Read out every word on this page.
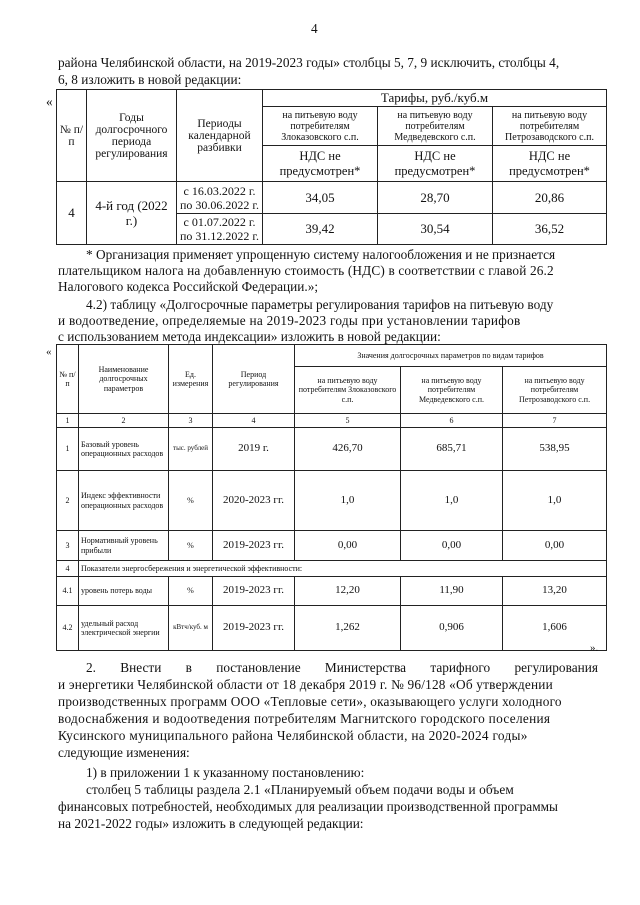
4
района Челябинской области, на 2019-2023 годы» столбцы 5, 7, 9 исключить, столбцы 4,
6, 8 изложить в новой редакции:
«
№ п/п	Годы долгосрочного периода регулирования	Периоды календарной разбивки	Тарифы, руб./куб.м		
			на питьевую воду потребителям Злоказовского с.п.	на питьевую воду потребителям Медведевского с.п.	на питьевую воду потребителям Петрозаводского с.п.
			НДС не предусмотрен*	НДС не предусмотрен*	НДС не предусмотрен*
4	4-й год (2022 г.)	с 16.03.2022 г. по 30.06.2022 г.	34,05	28,70	20,86
		с 01.07.2022 г. по 31.12.2022 г.	39,42	30,54	36,52
* Организация применяет упрощенную систему налогообложения и не признается
плательщиком налога на добавленную стоимость (НДС) в соответствии с главой 26.2
Налогового кодекса Российской Федерации.»;
4.2) таблицу «Долгосрочные параметры регулирования тарифов на питьевую воду
и водоотведение, определяемые на 2019-2023 годы при установлении тарифов
с использованием метода индексации» изложить в новой редакции:
«
№ п/п	Наименование долгосрочных параметров	Ед. измерения	Период регулирования	Значения долгосрочных параметров по видам тарифов		
				на питьевую воду потребителям Злоказовского с.п.	на питьевую воду потребителям Медведевского с.п.	на питьевую воду потребителям Петрозаводского с.п.
1	2	3	4	5	6	7
1	Базовый уровень операционных расходов	тыс. рублей	2019 г.	426,70	685,71	538,95
2	Индекс эффективности операционных расходов	%	2020-2023 гг.	1,0	1,0	1,0
3	Нормативный уровень прибыли	%	2019-2023 гг.	0,00	0,00	0,00
4	Показатели энергосбережения и энергетической эффективности:					
4.1	уровень потерь воды	%	2019-2023 гг.	12,20	11,90	13,20
4.2	удельный расход электрической энергии	кВтч/куб. м	2019-2023 гг.	1,262	0,906	1,606
».
2. Внести в постановление Министерства тарифного регулирования
и энергетики Челябинской области от 18 декабря 2019 г. № 96/128 «Об утверждении
производственных программ ООО «Тепловые сети», оказывающего услуги холодного
водоснабжения и водоотведения потребителям Магнитского городского поселения
Кусинского муниципального района Челябинской области, на 2020-2024 годы»
следующие изменения:
1) в приложении 1 к указанному постановлению:
столбец 5 таблицы раздела 2.1 «Планируемый объем подачи воды и объем
финансовых потребностей, необходимых для реализации производственной программы
на 2021-2022 годы» изложить в следующей редакции:
